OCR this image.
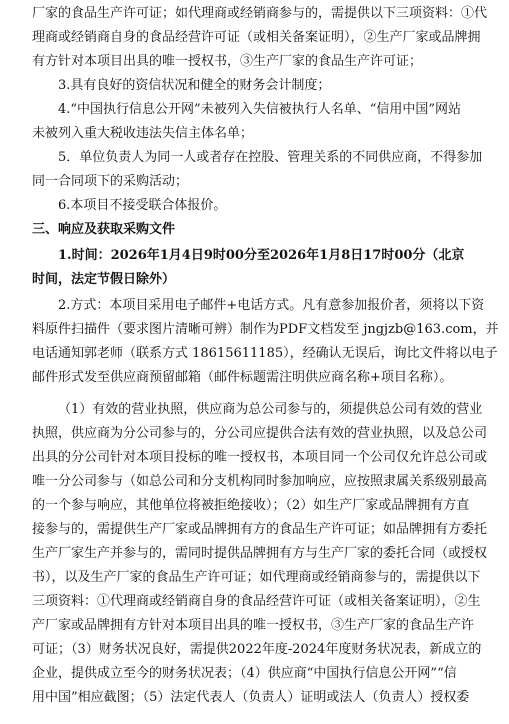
厂家的食品生产许可证；如代理商或经销商参与的，需提供以下三项资料：①代
理商或经销商自身的食品经营许可证（或相关备案证明），②生产厂家或品牌拥
有方针对本项目出具的唯一授权书，③生产厂家的食品生产许可证；
3.具有良好的资信状况和健全的财务会计制度；
4.“中国执行信息公开网”未被列入失信被执行人名单、“信用中国”网站
未被列入重大税收违法失信主体名单；
5．单位负责人为同一人或者存在控股、管理关系的不同供应商，不得参加
同一合同项下的采购活动；
6.本项目不接受联合体报价。
三、响应及获取采购文件
1.时间：2026年1月4日9时00分至2026年1月8日17时00分（北京
时间，法定节假日除外）
2.方式：本项目采用电子邮件+电话方式。凡有意参加报价者，须将以下资
料原件扫描件（要求图片清晰可辨）制作为PDF文档发至 jngjzb@163.com，并
电话通知郭老师（联系方式 18615611185），经确认无误后，询比文件将以电子
邮件形式发至供应商预留邮箱（邮件标题需注明供应商名称+项目名称）。
（1）有效的营业执照，供应商为总公司参与的，须提供总公司有效的营业
执照，供应商为分公司参与的，分公司应提供合法有效的营业执照，以及总公司
出具的分公司针对本项目投标的唯一授权书，本项目同一个公司仅允许总公司或
唯一分公司参与（如总公司和分支机构同时参加响应，应按照隶属关系级别最高
的一个参与响应，其他单位将被拒绝接收）；（2）如生产厂家或品牌拥有方直
接参与的，需提供生产厂家或品牌拥有方的食品生产许可证；如品牌拥有方委托
生产厂家生产并参与的，需同时提供品牌拥有方与生产厂家的委托合同（或授权
书），以及生产厂家的食品生产许可证；如代理商或经销商参与的，需提供以下
三项资料：①代理商或经销商自身的食品经营许可证（或相关备案证明），②生
产厂家或品牌拥有方针对本项目出具的唯一授权书，③生产厂家的食品生产许
可证；（3）财务状况良好，需提供2022年度-2024年度财务状况表，新成立的
企业，提供成立至今的财务状况表；（4）供应商“中国执行信息公开网”“信
用中国”相应截图；（5）法定代表人（负责人）证明或法人（负责人）授权委
